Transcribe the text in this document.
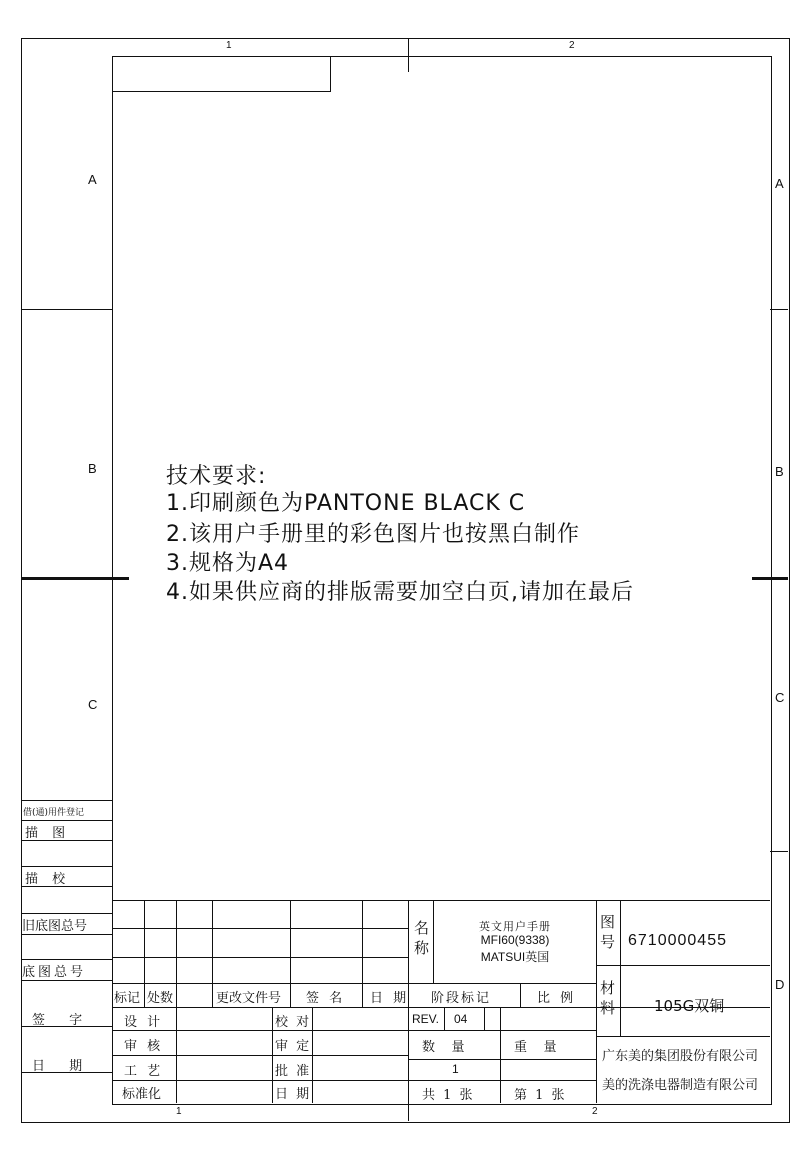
1	2
1	2
A
B
C
A
B
C
D
技术要求:
1.印刷颜色为PANTONE BLACK C
2.该用户手册里的彩色图片也按黑白制作
3.规格为A4
4.如果供应商的排版需要加空白页,请加在最后
借(通)用件登记
描 图
描 校
旧底图总号
底图总号
签 字
日 期
标记 处数	更改文件号 签 名 日 期
设 计	校 对
审 核	审 定
工 艺	批 准
标准化	日 期
名称
英文用户手册
MFI60(9338)
MATSUI英国
阶段标记	比 例
REV. 04
数    量	重    量
1
共 1 张	第 1 张
图号 6710000455
材料	105G双铜
广东美的集团股份有限公司
美的洗涤电器制造有限公司
